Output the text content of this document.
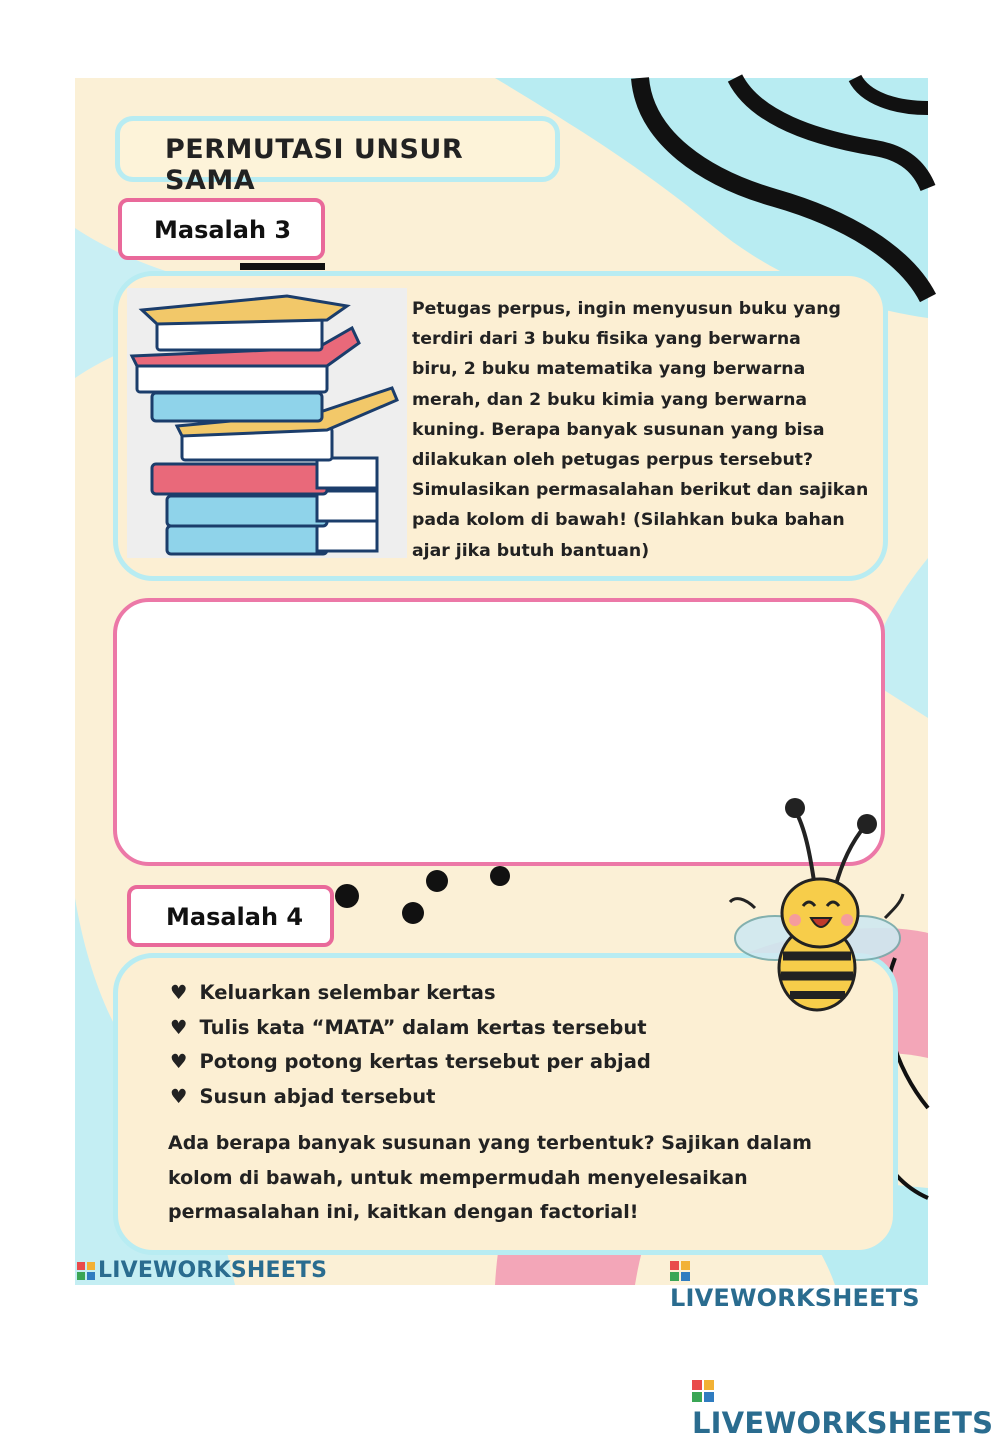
PERMUTASI UNSUR SAMA
Masalah 3
Masalah 4
♥ Keluarkan selembar kertas
♥ Tulis kata “MATA” dalam kertas tersebut
♥ Potong potong kertas tersebut per abjad
♥ Susun abjad tersebut
LIVEWORKSHEETS
LIVEWORKSHEETS
Petugas perpus, ingin menyusun buku yang
terdiri dari 3 buku fisika yang berwarna
biru, 2 buku matematika yang berwarna
merah, dan 2 buku kimia yang berwarna
kuning. Berapa banyak susunan yang bisa
dilakukan oleh petugas perpus tersebut?
Simulasikan permasalahan berikut dan sajikan
pada kolom di bawah! (Silahkan buka bahan
ajar jika butuh bantuan)
Ada berapa banyak susunan yang terbentuk? Sajikan dalam
kolom di bawah, untuk mempermudah menyelesaikan
permasalahan ini, kaitkan dengan factorial!
LIVEWORKSHEETS
